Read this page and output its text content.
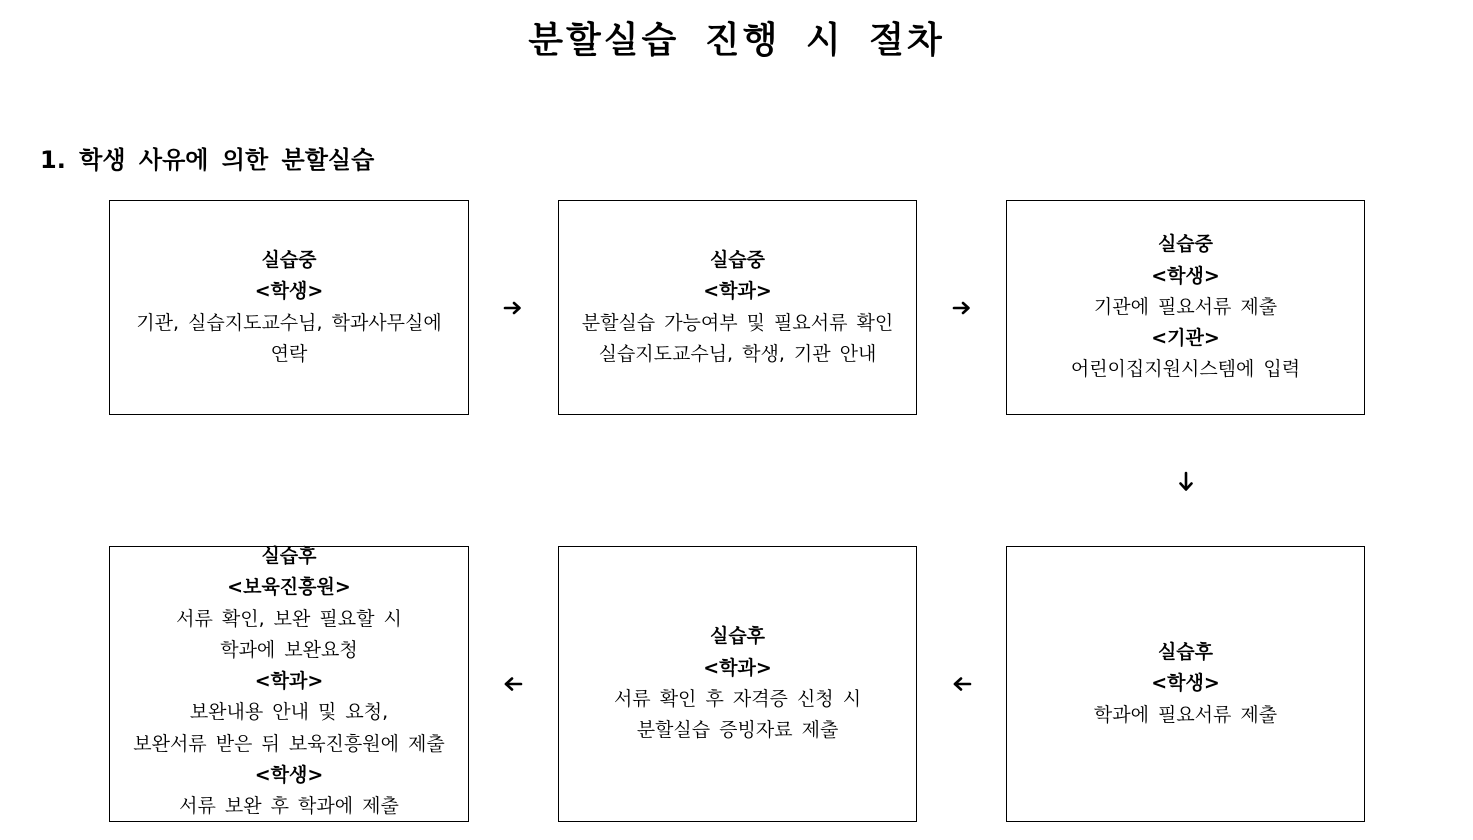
분할실습 진행 시 절차
1. 학생 사유에 의한 분할실습
실습중
<학생>
기관, 실습지도교수님, 학과사무실에
연락
실습중
<학과>
분할실습 가능여부 및 필요서류 확인
실습지도교수님, 학생, 기관 안내
실습중
<학생>
기관에 필요서류 제출
<기관>
어린이집지원시스템에 입력
실습후
<학생>
학과에 필요서류 제출
실습후
<학과>
서류 확인 후 자격증 신청 시
분할실습 증빙자료 제출
실습후
<보육진흥원>
서류 확인, 보완 필요할 시
학과에 보완요청
<학과>
보완내용 안내 및 요청,
보완서류 받은 뒤 보육진흥원에 제출
<학생>
서류 보완 후 학과에 제출
